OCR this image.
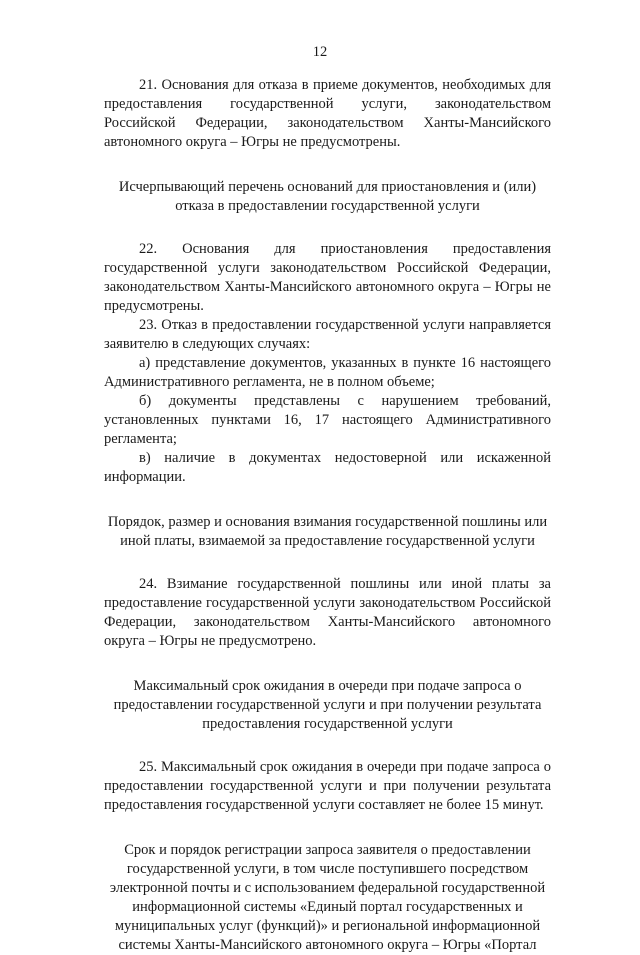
12

21. Основания для отказа в приеме документов, необходимых для предоставления государственной услуги, законодательством Российской Федерации, законодательством Ханты-Мансийского автономного округа – Югры не предусмотрены.

Исчерпывающий перечень оснований для приостановления и (или) отказа в предоставлении государственной услуги

22. Основания для приостановления предоставления государственной услуги законодательством Российской Федерации, законодательством Ханты-Мансийского автономного округа – Югры не предусмотрены.

23. Отказ в предоставлении государственной услуги направляется заявителю в следующих случаях:

а) представление документов, указанных в пункте 16 настоящего Административного регламента, не в полном объеме;

б) документы представлены с нарушением требований, установленных пунктами 16, 17 настоящего Административного регламента;

в) наличие в документах недостоверной или искаженной информации.

Порядок, размер и основания взимания государственной пошлины или иной платы, взимаемой за предоставление государственной услуги

24. Взимание государственной пошлины или иной платы за предоставление государственной услуги законодательством Российской Федерации, законодательством Ханты-Мансийского автономного округа – Югры не предусмотрено.

Максимальный срок ожидания в очереди при подаче запроса о предоставлении государственной услуги и при получении результата предоставления государственной услуги

25. Максимальный срок ожидания в очереди при подаче запроса о предоставлении государственной услуги и при получении результата предоставления государственной услуги составляет не более 15 минут.

Срок и порядок регистрации запроса заявителя о предоставлении государственной услуги, в том числе поступившего посредством электронной почты и с использованием федеральной государственной информационной системы «Единый портал государственных и муниципальных услуг (функций)» и региональной информационной системы Ханты-Мансийского автономного округа – Югры «Портал
